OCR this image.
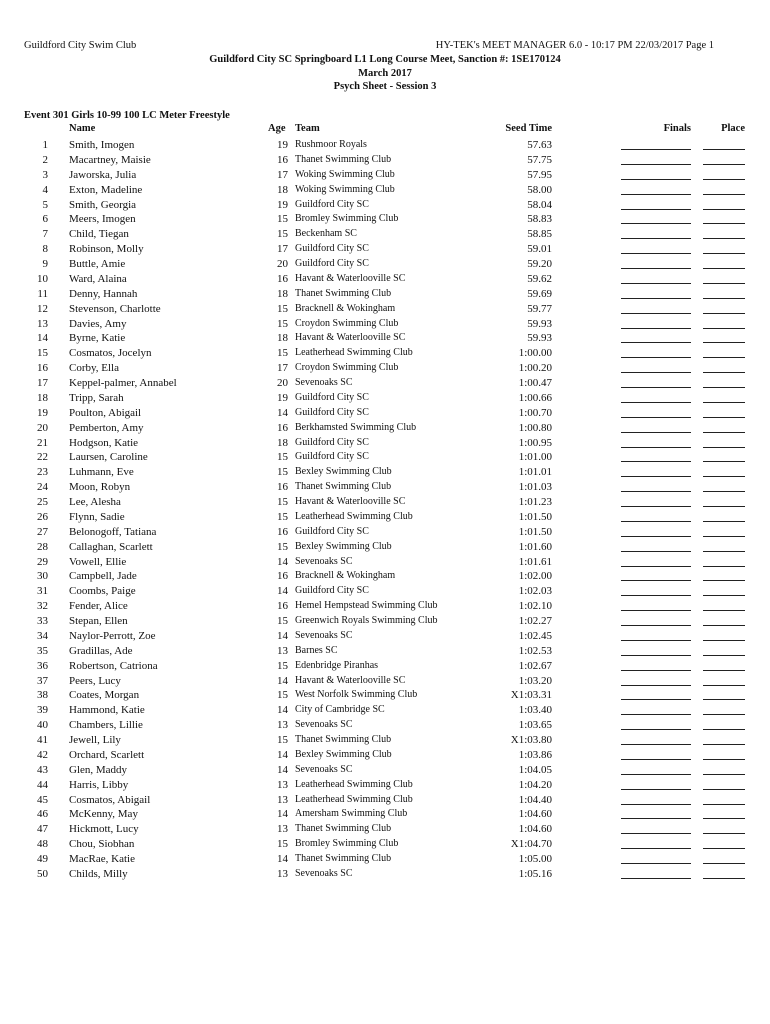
Guildford City Swim Club	HY-TEK's MEET MANAGER 6.0 - 10:17 PM 22/03/2017 Page 1
Guildford City SC Springboard L1 Long Course Meet, Sanction #: 1SE170124
March 2017
Psych Sheet - Session 3
Event 301 Girls 10-99 100 LC Meter Freestyle
Name	Age Team	Seed Time	Finals	Place
1 Smith, Imogen	19 Rushmoor Royals	57.63
2 Macartney, Maisie	16 Thanet Swimming Club	57.75
3 Jaworska, Julia	17 Woking Swimming Club	57.95
4 Exton, Madeline	18 Woking Swimming Club	58.00
5 Smith, Georgia	19 Guildford City SC	58.04
6 Meers, Imogen	15 Bromley Swimming Club	58.83
7 Child, Tiegan	15 Beckenham SC	58.85
8 Robinson, Molly	17 Guildford City SC	59.01
9 Buttle, Amie	20 Guildford City SC	59.20
10 Ward, Alaina	16 Havant & Waterlooville SC	59.62
11 Denny, Hannah	18 Thanet Swimming Club	59.69
12 Stevenson, Charlotte	15 Bracknell & Wokingham	59.77
13 Davies, Amy	15 Croydon Swimming Club	59.93
14 Byrne, Katie	18 Havant & Waterlooville SC	59.93
15 Cosmatos, Jocelyn	15 Leatherhead Swimming Club	1:00.00
16 Corby, Ella	17 Croydon Swimming Club	1:00.20
17 Keppel-palmer, Annabel	20 Sevenoaks SC	1:00.47
18 Tripp, Sarah	19 Guildford City SC	1:00.66
19 Poulton, Abigail	14 Guildford City SC	1:00.70
20 Pemberton, Amy	16 Berkhamsted Swimming Club	1:00.80
21 Hodgson, Katie	18 Guildford City SC	1:00.95
22 Laursen, Caroline	15 Guildford City SC	1:01.00
23 Luhmann, Eve	15 Bexley Swimming Club	1:01.01
24 Moon, Robyn	16 Thanet Swimming Club	1:01.03
25 Lee, Alesha	15 Havant & Waterlooville SC	1:01.23
26 Flynn, Sadie	15 Leatherhead Swimming Club	1:01.50
27 Belonogoff, Tatiana	16 Guildford City SC	1:01.50
28 Callaghan, Scarlett	15 Bexley Swimming Club	1:01.60
29 Vowell, Ellie	14 Sevenoaks SC	1:01.61
30 Campbell, Jade	16 Bracknell & Wokingham	1:02.00
31 Coombs, Paige	14 Guildford City SC	1:02.03
32 Fender, Alice	16 Hemel Hempstead Swimming Club	1:02.10
33 Stepan, Ellen	15 Greenwich Royals Swimming Club	1:02.27
34 Naylor-Perrott, Zoe	14 Sevenoaks SC	1:02.45
35 Gradillas, Ade	13 Barnes SC	1:02.53
36 Robertson, Catriona	15 Edenbridge Piranhas	1:02.67
37 Peers, Lucy	14 Havant & Waterlooville SC	1:03.20
38 Coates, Morgan	15 West Norfolk Swimming Club	X1:03.31
39 Hammond, Katie	14 City of Cambridge SC	1:03.40
40 Chambers, Lillie	13 Sevenoaks SC	1:03.65
41 Jewell, Lily	15 Thanet Swimming Club	X1:03.80
42 Orchard, Scarlett	14 Bexley Swimming Club	1:03.86
43 Glen, Maddy	14 Sevenoaks SC	1:04.05
44 Harris, Libby	13 Leatherhead Swimming Club	1:04.20
45 Cosmatos, Abigail	13 Leatherhead Swimming Club	1:04.40
46 McKenny, May	14 Amersham Swimming Club	1:04.60
47 Hickmott, Lucy	13 Thanet Swimming Club	1:04.60
48 Chou, Siobhan	15 Bromley Swimming Club	X1:04.70
49 MacRae, Katie	14 Thanet Swimming Club	1:05.00
50 Childs, Milly	13 Sevenoaks SC	1:05.16
